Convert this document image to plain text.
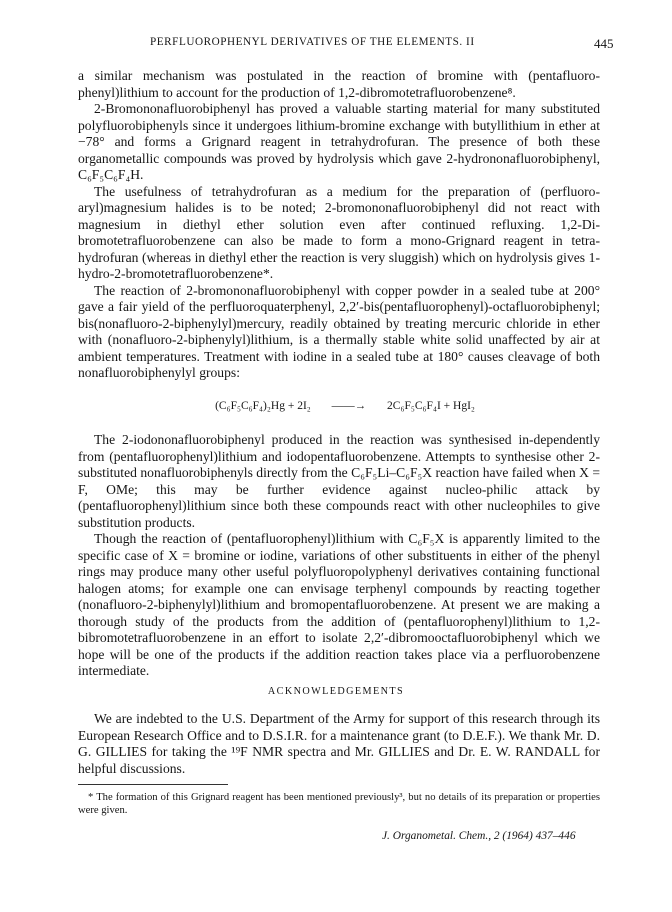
PERFLUOROPHENYL DERIVATIVES OF THE ELEMENTS. II	445

a similar mechanism was postulated in the reaction of bromine with (pentafluoro-phenyl)lithium to account for the production of 1,2-dibromotetrafluorobenzene⁸.

2-Bromononafluorobiphenyl has proved a valuable starting material for many substituted polyfluorobiphenyls since it undergoes lithium-bromine exchange with butyllithium in ether at −78° and forms a Grignard reagent in tetrahydrofuran. The presence of both these organometallic compounds was proved by hydrolysis which gave 2-hydrononafluorobiphenyl, C₆F₅C₆F₄H.

The usefulness of tetrahydrofuran as a medium for the preparation of (perfluoro-aryl)magnesium halides is to be noted; 2-bromononafluorobiphenyl did not react with magnesium in diethyl ether solution even after continued refluxing. 1,2-Di-bromotetrafluorobenzene can also be made to form a mono-Grignard reagent in tetra-hydrofuran (whereas in diethyl ether the reaction is very sluggish) which on hydrolysis gives 1-hydro-2-bromotetrafluorobenzene*.

The reaction of 2-bromononafluorobiphenyl with copper powder in a sealed tube at 200° gave a fair yield of the perfluoroquaterphenyl, 2,2′-bis(pentafluorophenyl)-octafluorobiphenyl; bis(nonafluoro-2-biphenylyl)mercury, readily obtained by treating mercuric chloride in ether with (nonafluoro-2-biphenylyl)lithium, is a thermally stable white solid unaffected by air at ambient temperatures. Treatment with iodine in a sealed tube at 180° causes cleavage of both nonafluorobiphenylyl groups:

(C₆F₅C₆F₄)₂Hg + 2I₂ ——→ 2C₆F₅C₆F₄I + HgI₂

The 2-iodononafluorobiphenyl produced in the reaction was synthesised in-dependently from (pentafluorophenyl)lithium and iodopentafluorobenzene. Attempts to synthesise other 2-substituted nonafluorobiphenyls directly from the C₆F₅Li–C₆F₅X reaction have failed when X = F, OMe; this may be further evidence against nucleo-philic attack by (pentafluorophenyl)lithium since both these compounds react with other nucleophiles to give substitution products.

Though the reaction of (pentafluorophenyl)lithium with C₆F₅X is apparently limited to the specific case of X = bromine or iodine, variations of other substituents in either of the phenyl rings may produce many other useful polyfluoropolyphenyl derivatives containing functional halogen atoms; for example one can envisage terphenyl compounds by reacting together (nonafluoro-2-biphenylyl)lithium and bromopentafluorobenzene. At present we are making a thorough study of the products from the addition of (pentafluorophenyl)lithium to 1,2-bibromotetrafluorobenzene in an effort to isolate 2,2′-dibromooctafluorobiphenyl which we hope will be one of the products if the addition reaction takes place via a perfluorobenzene intermediate.

ACKNOWLEDGEMENTS

We are indebted to the U.S. Department of the Army for support of this research through its European Research Office and to D.S.I.R. for a maintenance grant (to D.E.F.). We thank Mr. D. G. GILLIES for taking the ¹⁹F NMR spectra and Mr. GILLIES and Dr. E. W. RANDALL for helpful discussions.

* The formation of this Grignard reagent has been mentioned previously³, but no details of its preparation or properties were given.

J. Organometal. Chem., 2 (1964) 437–446
